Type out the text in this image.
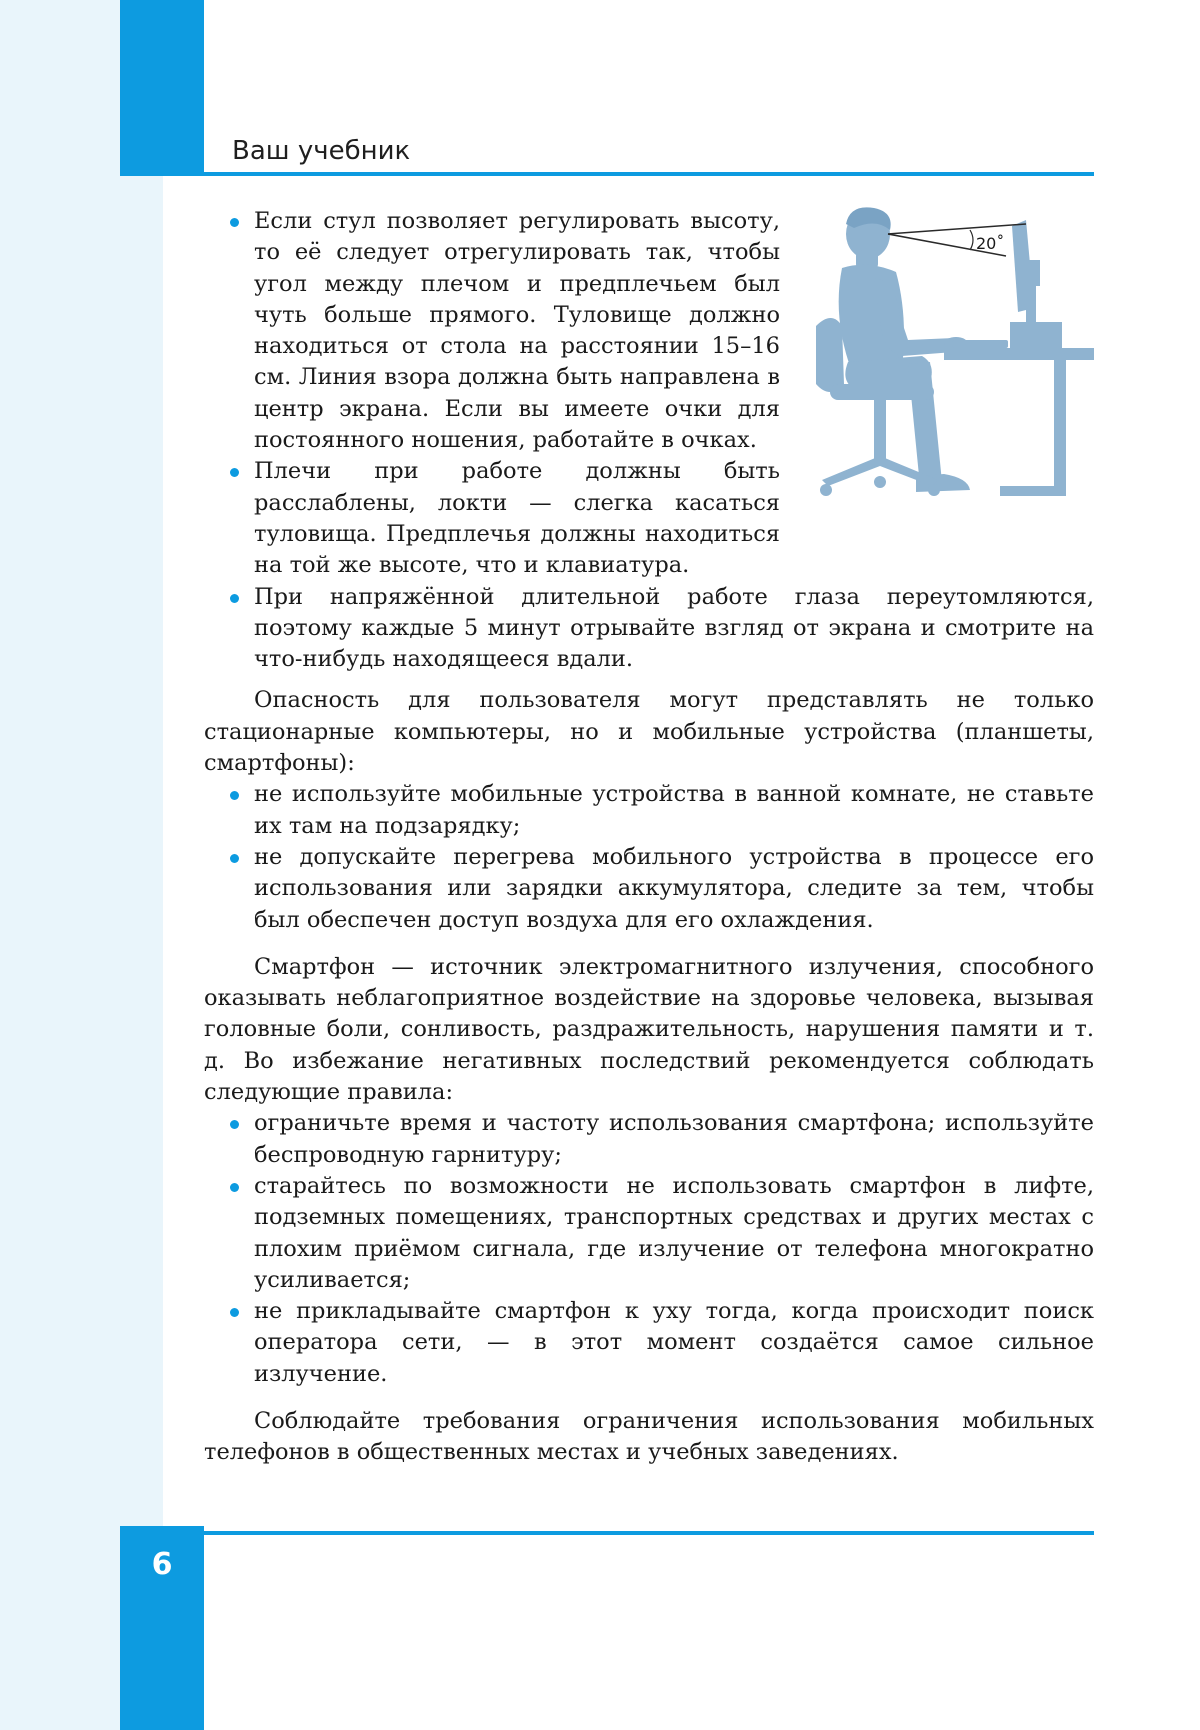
Ваш учебник
6
20˚
Если стул позволяет регулировать высоту, то её следует отрегулировать так, чтобы угол между плечом и предплечьем был чуть больше прямого. Туловище должно находиться от стола на расстоянии 15–16 см. Линия взора должна быть направлена в центр экрана. Если вы имеете очки для постоянного ношения, работайте в очках.
Плечи при работе должны быть расслаблены, локти — слегка касаться туловища. Предплечья должны находиться на той же высоте, что и клавиатура.
При напряжённой длительной работе глаза переутомляются, поэтому каждые 5 минут отрывайте взгляд от экрана и смотрите на что-нибудь находящееся вдали.

Опасность для пользователя могут представлять не только стационарные компьютеры, но и мобильные устройства (планшеты, смартфоны):

не используйте мобильные устройства в ванной комнате, не ставьте их там на подзарядку;
не допускайте перегрева мобильного устройства в процессе его использования или зарядки аккумулятора, следите за тем, чтобы был обеспечен доступ воздуха для его охлаждения.

Смартфон — источник электромагнитного излучения, способного оказывать неблагоприятное воздействие на здоровье человека, вызывая головные боли, сонливость, раздражительность, нарушения памяти и т. д. Во избежание негативных последствий рекомендуется соблюдать следующие правила:

ограничьте время и частоту использования смартфона; используйте беспроводную гарнитуру;
старайтесь по возможности не использовать смартфон в лифте, подземных помещениях, транспортных средствах и других местах с плохим приёмом сигнала, где излучение от телефона многократно усиливается;
не прикладывайте смартфон к уху тогда, когда происходит поиск оператора сети, — в этот момент создаётся самое сильное излучение.

Соблюдайте требования ограничения использования мобильных телефонов в общественных местах и учебных заведениях.
